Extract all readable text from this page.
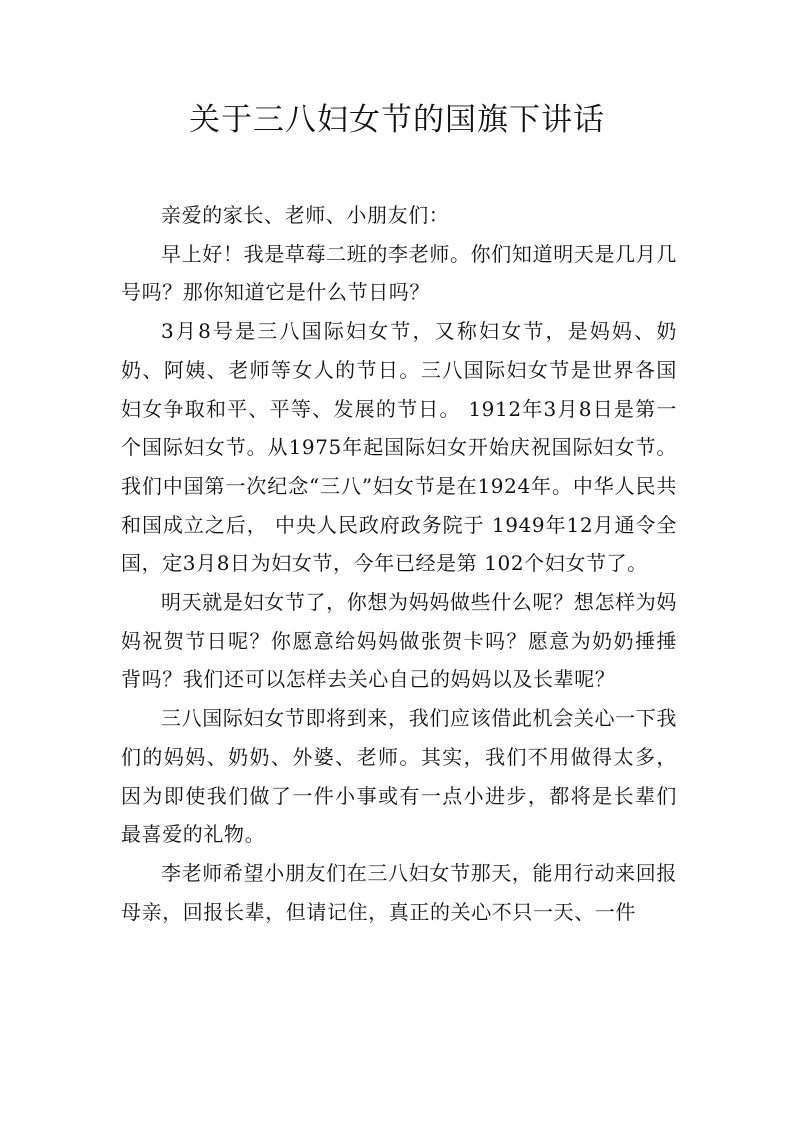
关于三八妇女节的国旗下讲话

亲爱的家长、老师、小朋友们：

早上好！我是草莓二班的李老师。你们知道明天是几月几号吗？那你知道它是什么节日吗？

3月8号是三八国际妇女节，又称妇女节，是妈妈、奶奶、阿姨、老师等女人的节日。三八国际妇女节是世界各国妇女争取和平、平等、发展的节日。 1912年3月8日是第一个国际妇女节。从1975年起国际妇女开始庆祝国际妇女节。我们中国第一次纪念“三八”妇女节是在1924年。中华人民共和国成立之后， 中央人民政府政务院于 1949年12月通令全国，定3月8日为妇女节，今年已经是第 102个妇女节了。

明天就是妇女节了，你想为妈妈做些什么呢？想怎样为妈妈祝贺节日呢？你愿意给妈妈做张贺卡吗？愿意为奶奶捶捶背吗？我们还可以怎样去关心自己的妈妈以及长辈呢？

三八国际妇女节即将到来，我们应该借此机会关心一下我们的妈妈、奶奶、外婆、老师。其实，我们不用做得太多，因为即使我们做了一件小事或有一点小进步，都将是长辈们最喜爱的礼物。

李老师希望小朋友们在三八妇女节那天，能用行动来回报母亲，回报长辈，但请记住，真正的关心不只一天、一件
